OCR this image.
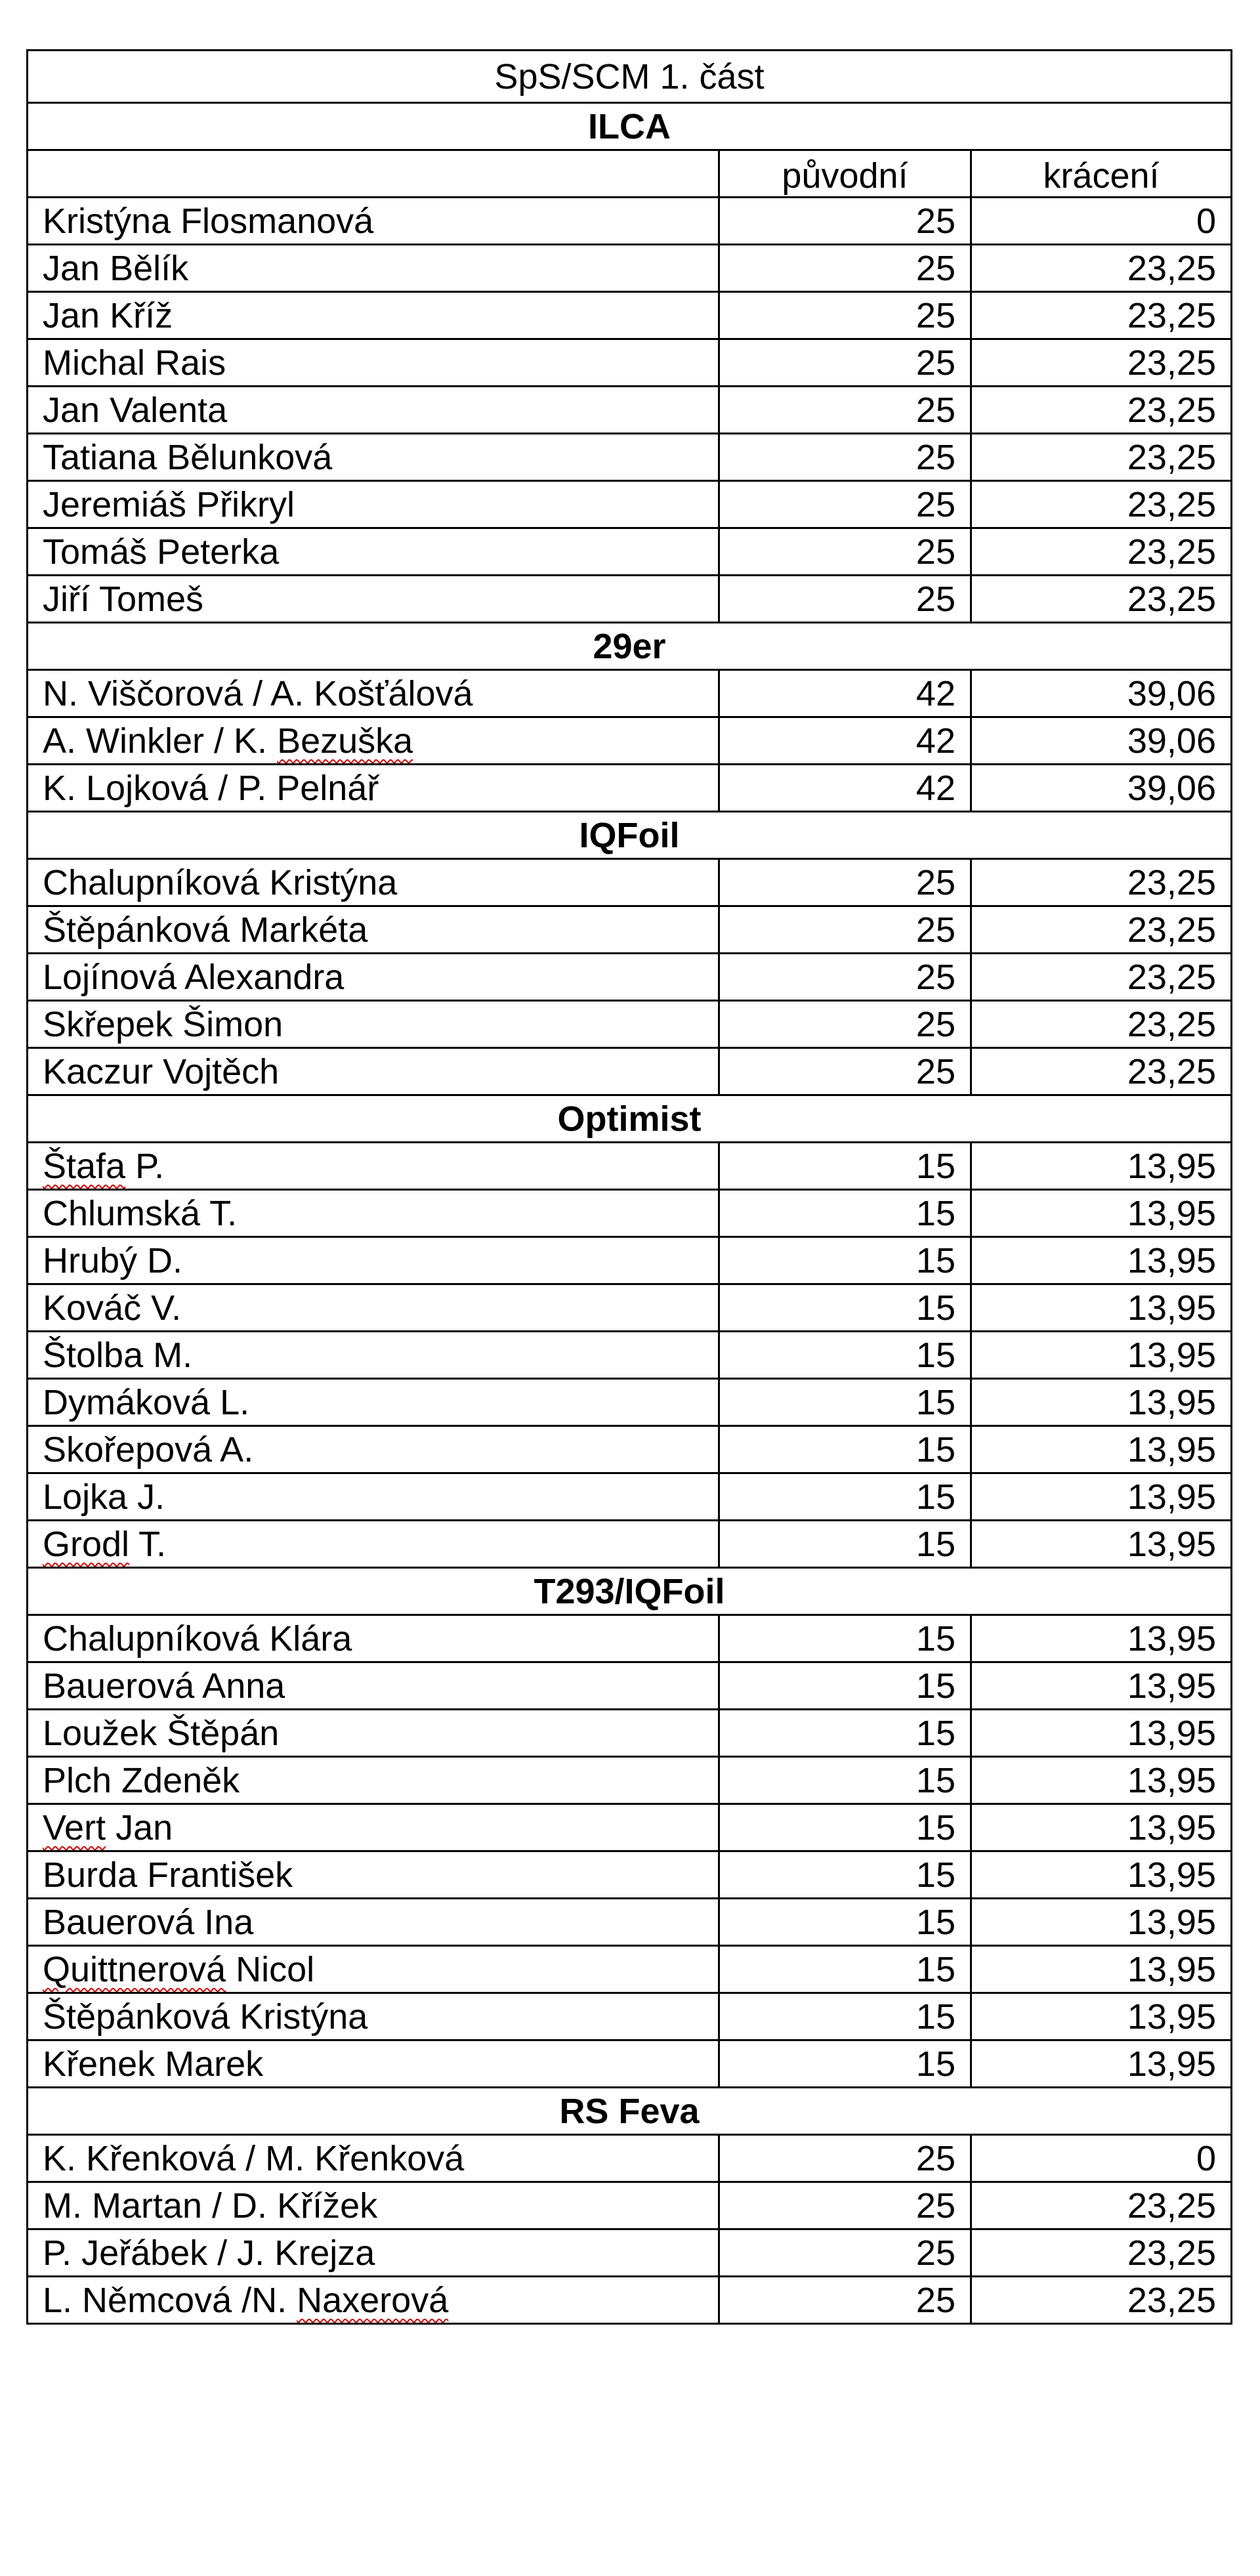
SpS/SCM 1. část		
ILCA		
	původní	krácení
Kristýna Flosmanová	25	0
Jan Bělík	25	23,25
Jan Kříž	25	23,25
Michal Rais	25	23,25
Jan Valenta	25	23,25
Tatiana Bělunková	25	23,25
Jeremiáš Přikryl	25	23,25
Tomáš Peterka	25	23,25
Jiří Tomeš	25	23,25
29er		
N. Viščorová / A. Košťálová	42	39,06
A. Winkler / K. Bezuška	42	39,06
K. Lojková / P. Pelnář	42	39,06
IQFoil		
Chalupníková Kristýna	25	23,25
Štěpánková Markéta	25	23,25
Lojínová Alexandra	25	23,25
Skřepek Šimon	25	23,25
Kaczur Vojtěch	25	23,25
Optimist		
Štafa P.	15	13,95
Chlumská T.	15	13,95
Hrubý D.	15	13,95
Kováč V.	15	13,95
Štolba M.	15	13,95
Dymáková L.	15	13,95
Skořepová A.	15	13,95
Lojka J.	15	13,95
Grodl T.	15	13,95
T293/IQFoil		
Chalupníková Klára	15	13,95
Bauerová Anna	15	13,95
Loužek Štěpán	15	13,95
Plch Zdeněk	15	13,95
Vert Jan	15	13,95
Burda František	15	13,95
Bauerová Ina	15	13,95
Quittnerová Nicol	15	13,95
Štěpánková Kristýna	15	13,95
Křenek Marek	15	13,95
RS Feva		
K. Křenková / M. Křenková	25	0
M. Martan / D. Křížek	25	23,25
P. Jeřábek / J. Krejza	25	23,25
L. Němcová /N. Naxerová	25	23,25
